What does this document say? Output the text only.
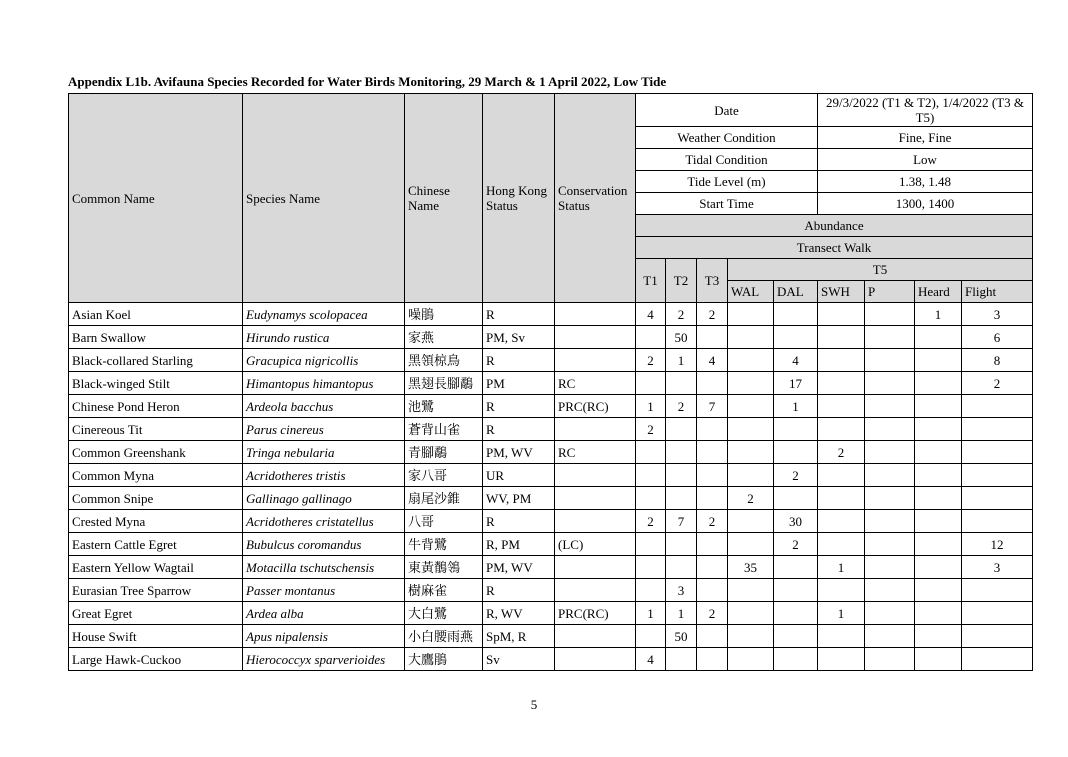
Appendix L1b. Avifauna Species Recorded for Water Birds Monitoring, 29 March & 1 April 2022, Low Tide
Common Name	Species Name	Chinese Name	Hong Kong Status	Conservation Status	Date					29/3/2022 (T1 & T2), 1/4/2022 (T3 & T5)			
					Weather Condition					Fine, Fine			
					Tidal Condition					Low			
					Tide Level (m)					1.38, 1.48			
					Start Time					1300, 1400			
					Abundance								
					Transect Walk								
					T1	T2	T3	T5					
								WAL	DAL	SWH	P	Heard	Flight
Asian Koel	Eudynamys scolopacea	噪鵑	R		4	2	2					1	3
Barn Swallow	Hirundo rustica	家燕	PM, Sv			50							6
Black-collared Starling	Gracupica nigricollis	黑領椋鳥	R		2	1	4		4				8
Black-winged Stilt	Himantopus himantopus	黑翅長腳鷸	PM	RC					17				2
Chinese Pond Heron	Ardeola bacchus	池鷺	R	PRC(RC)	1	2	7		1				
Cinereous Tit	Parus cinereus	蒼背山雀	R		2								
Common Greenshank	Tringa nebularia	青腳鷸	PM, WV	RC						2			
Common Myna	Acridotheres tristis	家八哥	UR						2				
Common Snipe	Gallinago gallinago	扇尾沙錐	WV, PM					2					
Crested Myna	Acridotheres cristatellus	八哥	R		2	7	2		30				
Eastern Cattle Egret	Bubulcus coromandus	牛背鷺	R, PM	(LC)					2				12
Eastern Yellow Wagtail	Motacilla tschutschensis	東黃鶺鴒	PM, WV					35		1			3
Eurasian Tree Sparrow	Passer montanus	樹麻雀	R			3							
Great Egret	Ardea alba	大白鷺	R, WV	PRC(RC)	1	1	2			1			
House Swift	Apus nipalensis	小白腰雨燕	SpM, R			50							
Large Hawk-Cuckoo	Hierococcyx sparverioides	大鷹鵑	Sv		4								
5
